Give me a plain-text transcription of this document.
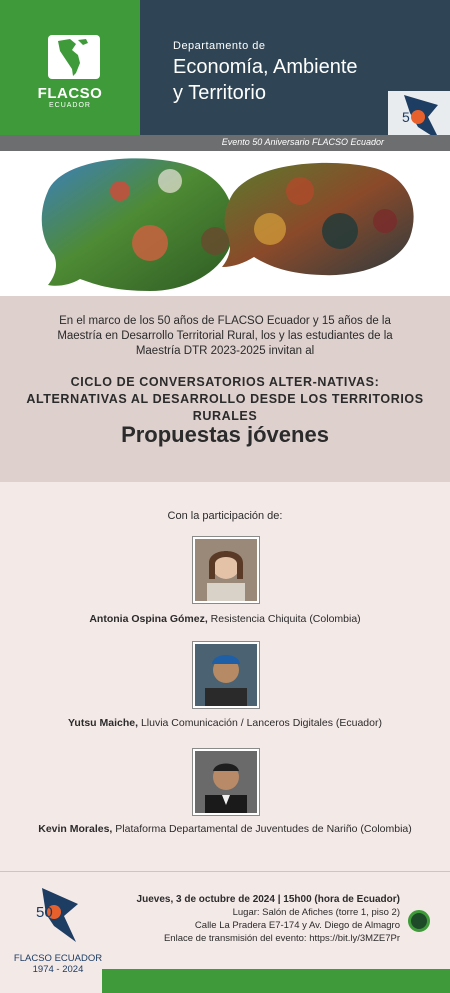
FLACSO
ECUADOR
Departamento de
Economía, Ambiente
y Territorio
5
Evento 50 Aniversario FLACSO Ecuador
En el marco de los 50 años de FLACSO Ecuador y 15 años de la Maestría en Desarrollo Territorial Rural, los y las estudiantes de la Maestría DTR 2023-2025 invitan al
CICLO DE CONVERSATORIOS ALTER-NATIVAS:
ALTERNATIVAS AL DESARROLLO DESDE LOS TERRITORIOS RURALES
Propuestas jóvenes
Con la participación de:
Antonia Ospina Gómez, Resistencia Chiquita (Colombia)
Yutsu Maiche, Lluvia Comunicación / Lanceros Digitales (Ecuador)
Kevin Morales, Plataforma Departamental de Juventudes de Nariño (Colombia)
50
FLACSO ECUADOR
1974 - 2024
Jueves, 3 de octubre de 2024 | 15h00 (hora de Ecuador)
Lugar: Salón de Afiches (torre 1, piso 2)
Calle La Pradera E7-174 y Av. Diego de Almagro
Enlace de transmisión del evento: https://bit.ly/3MZE7Pr
